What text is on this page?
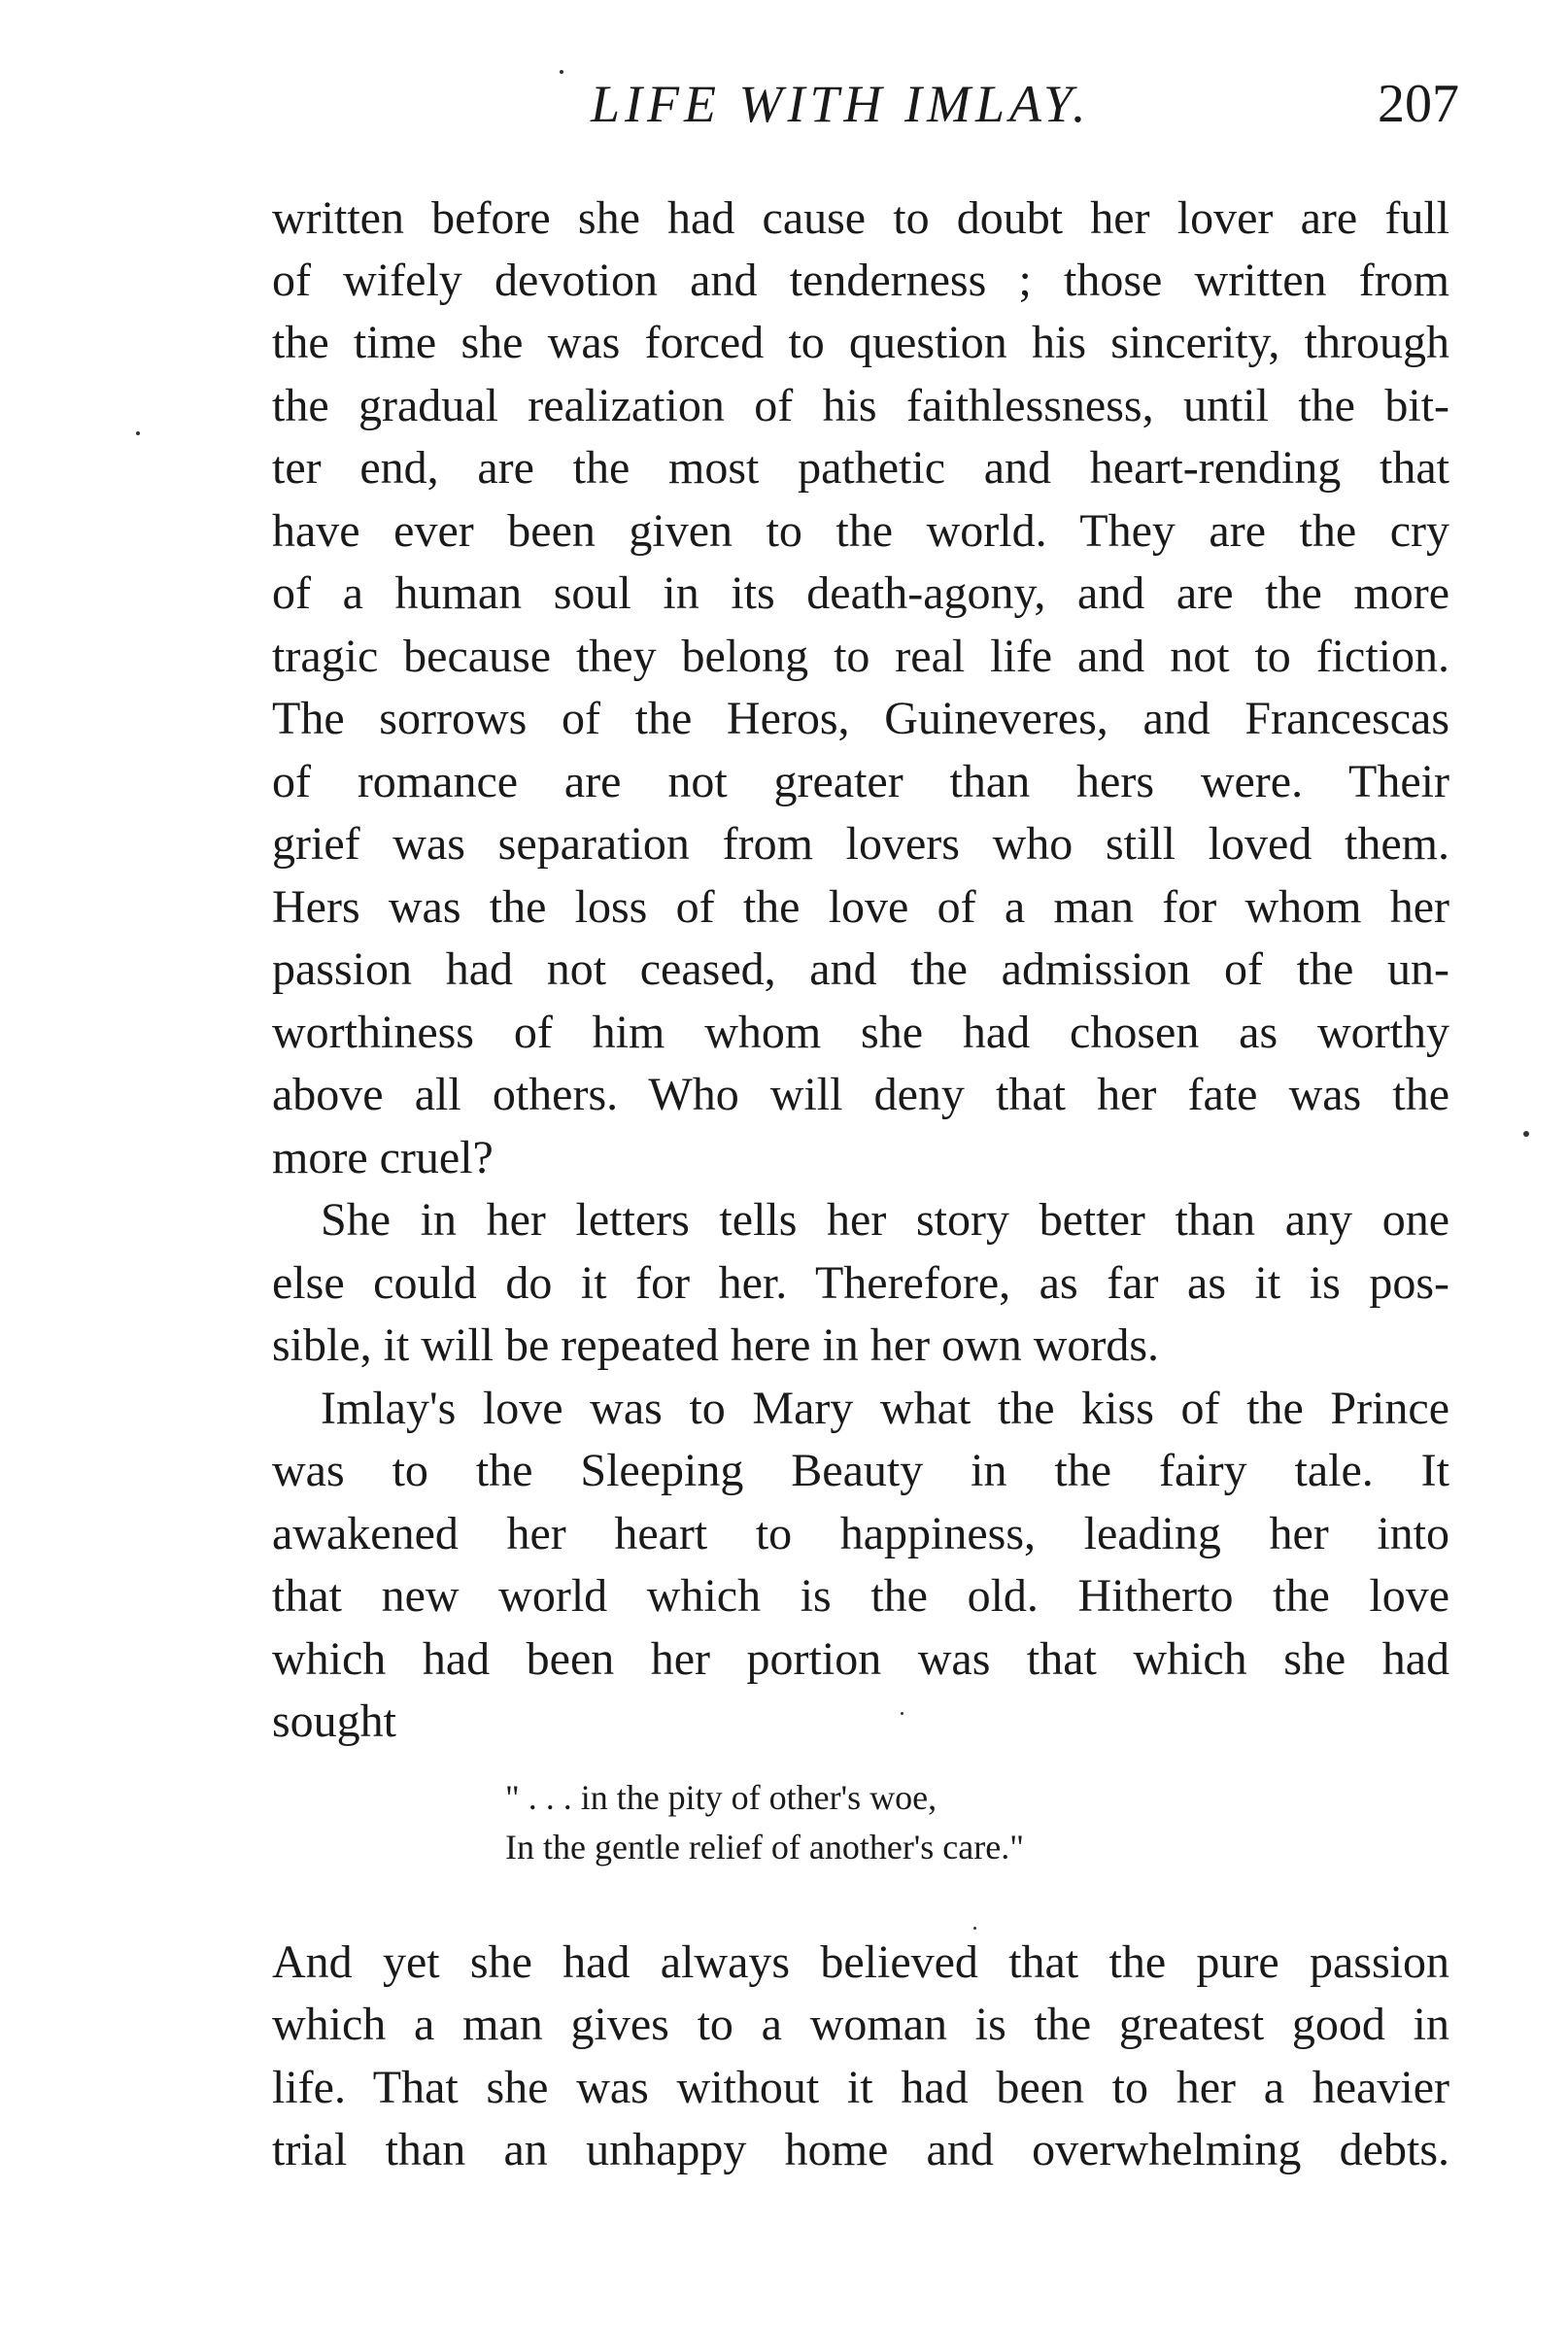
LIFE WITH IMLAY.	207
written before she had cause to doubt her lover are full
of wifely devotion and tenderness ; those written from
the time she was forced to question his sincerity, through
the gradual realization of his faithlessness, until the bit-
ter end, are the most pathetic and heart-rending that
have ever been given to the world. They are the cry
of a human soul in its death-agony, and are the more
tragic because they belong to real life and not to fiction.
The sorrows of the Heros, Guineveres, and Francescas
of romance are not greater than hers were. Their
grief was separation from lovers who still loved them.
Hers was the loss of the love of a man for whom her
passion had not ceased, and the admission of the un-
worthiness of him whom she had chosen as worthy
above all others. Who will deny that her fate was the
more cruel?
She in her letters tells her story better than any one
else could do it for her. Therefore, as far as it is pos-
sible, it will be repeated here in her own words.
Imlay's love was to Mary what the kiss of the Prince
was to the Sleeping Beauty in the fairy tale. It
awakened her heart to happiness, leading her into
that new world which is the old. Hitherto the love
which had been her portion was that which she had
sought
" . . . in the pity of other's woe,
In the gentle relief of another's care."
And yet she had always believed that the pure passion
which a man gives to a woman is the greatest good in
life. That she was without it had been to her a heavier
trial than an unhappy home and overwhelming debts.
